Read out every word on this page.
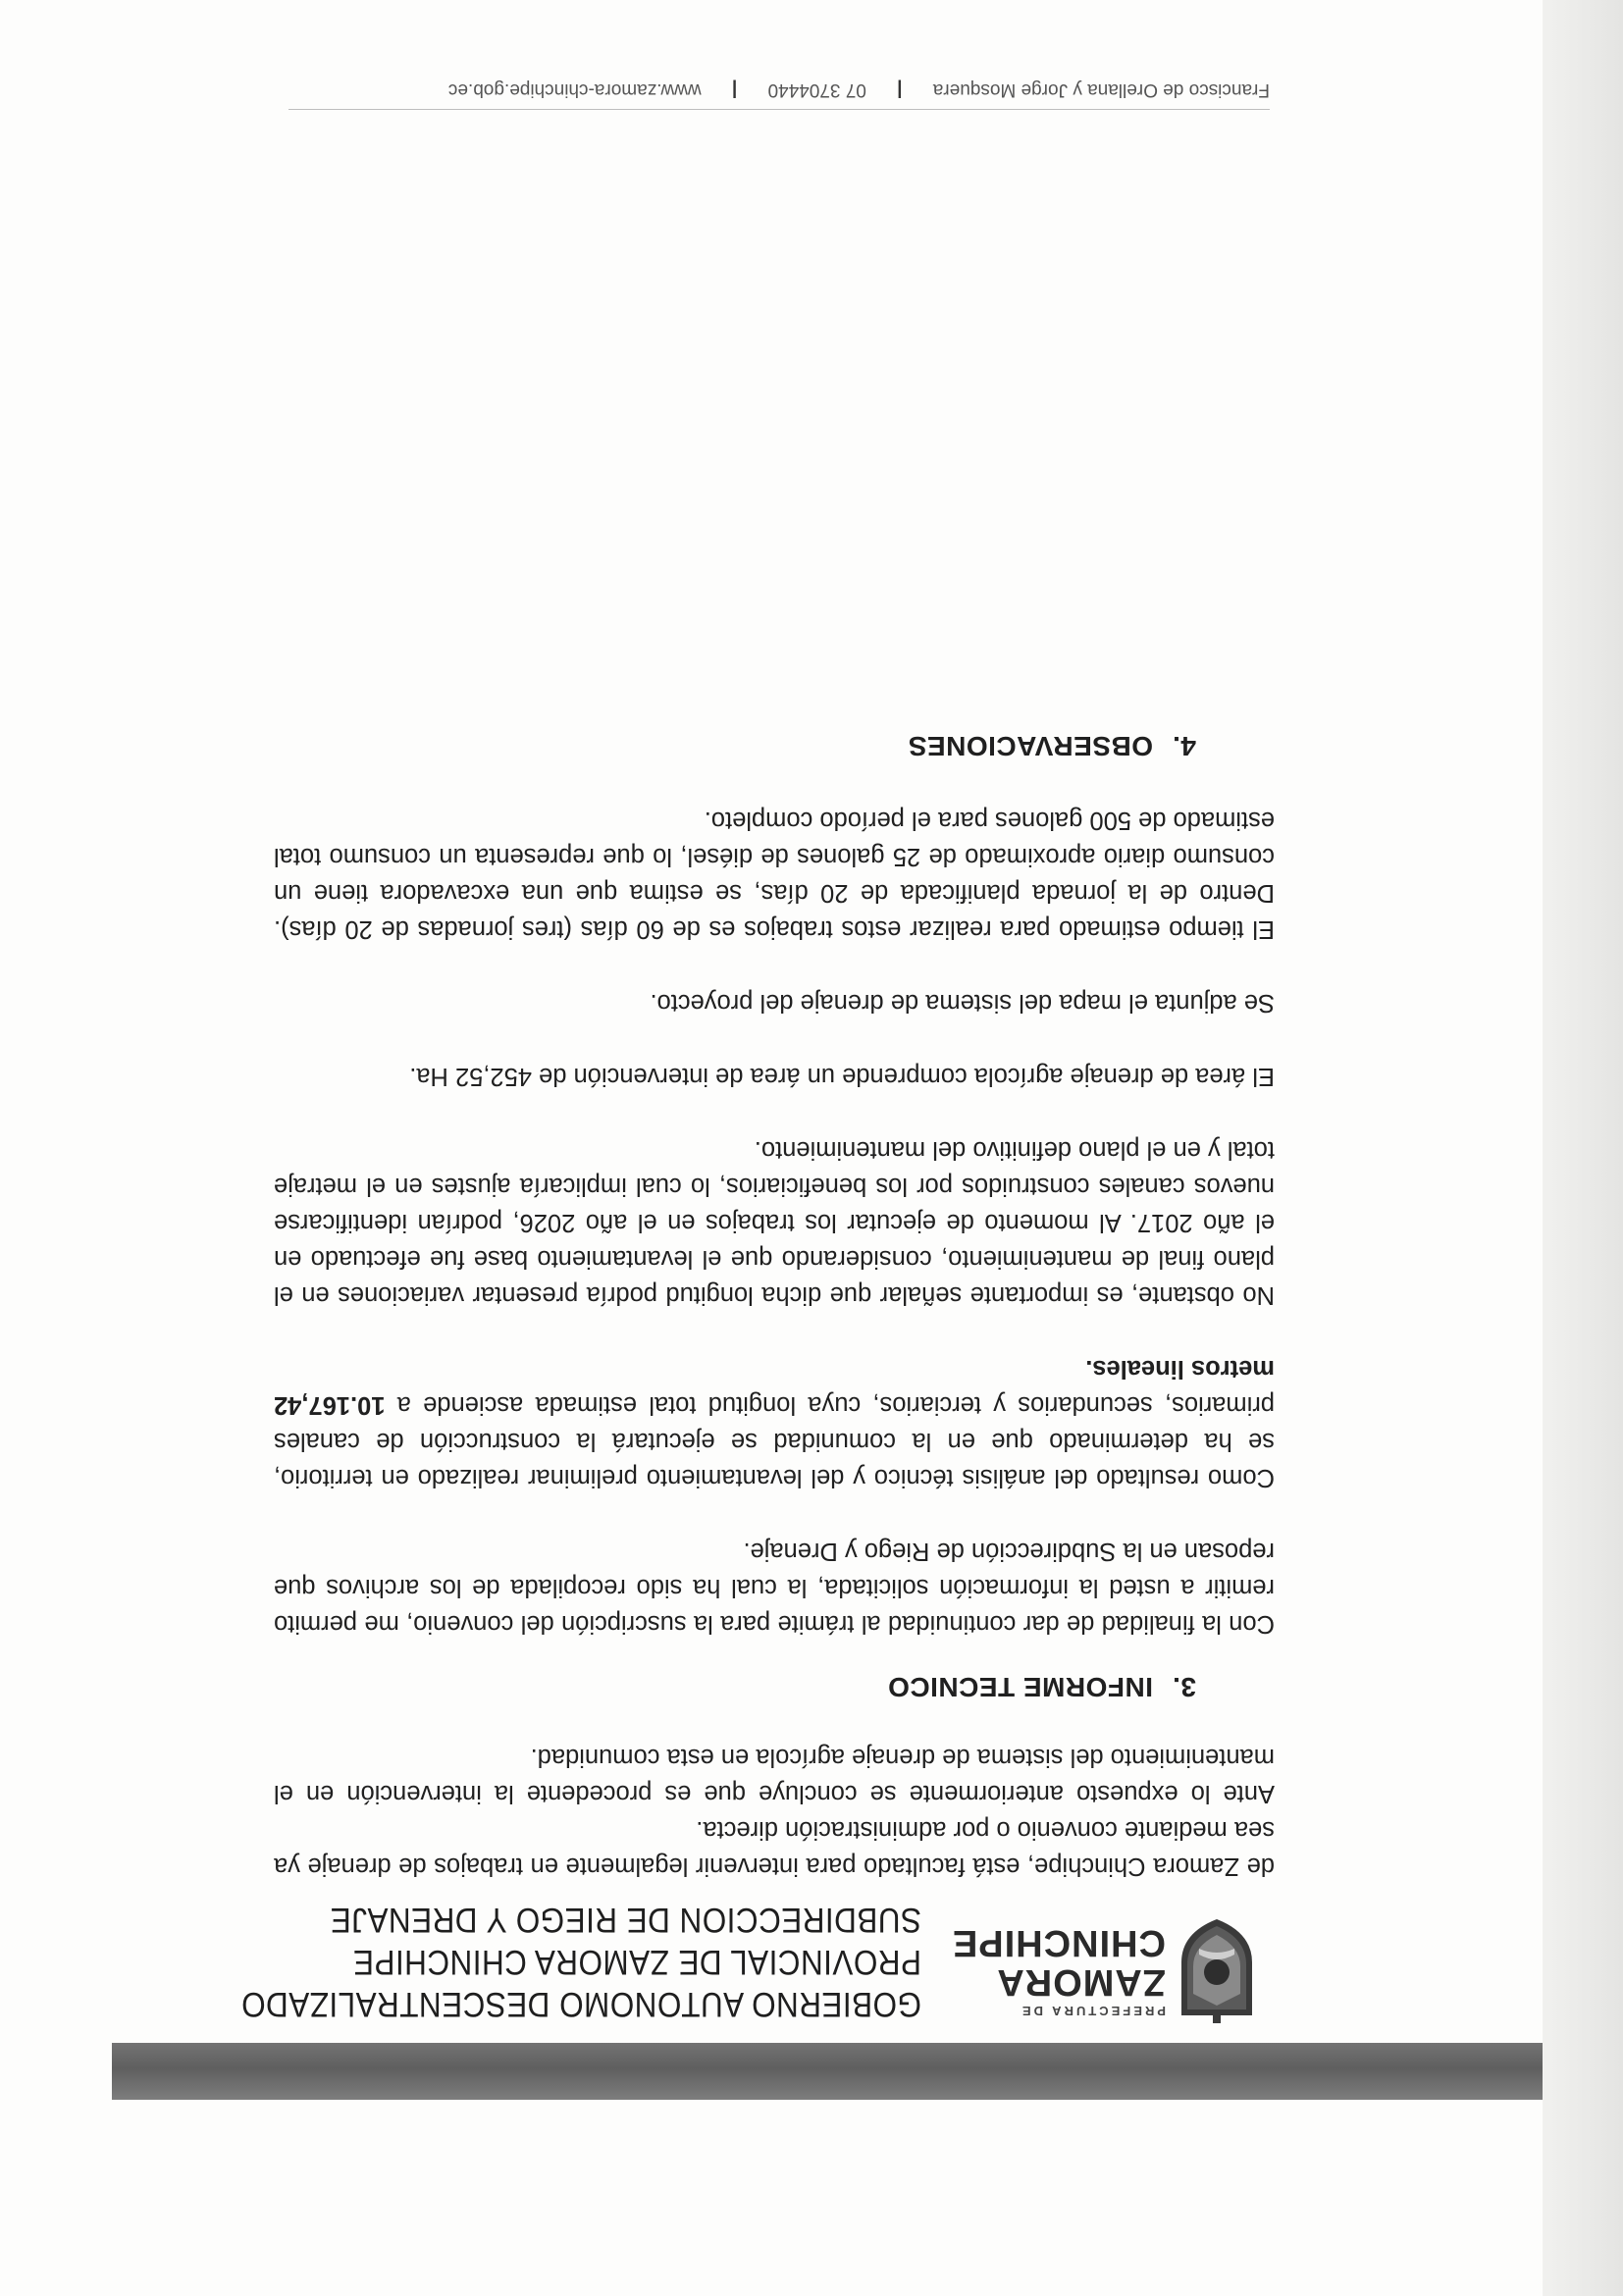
PREFECTURA DE
ZAMORA
CHINCHIPE
GOBIERNO AUTONOMO DESCENTRALIZADO
PROVINCIAL DE ZAMORA CHINCHIPE
SUBDIRECCION DE RIEGO Y DRENAJE

de Zamora Chinchipe, está facultado para intervenir legalmente en trabajos de drenaje ya sea mediante convenio o por administración directa.

Ante lo expuesto anteriormente se concluye que es procedente la intervención en el mantenimiento del sistema de drenaje agrícola en esta comunidad.

3.INFORME TECNICO

Con la finalidad de dar continuidad al trámite para la suscripción del convenio, me permito remitir a usted la información solicitada, la cual ha sido recopilada de los archivos que reposan en la Subdirección de Riego y Drenaje.

Como resultado del análisis técnico y del levantamiento preliminar realizado en territorio, se ha determinado que en la comunidad se ejecutará la construcción de canales primarios, secundarios y terciarios, cuya longitud total estimada asciende a 10.167,42 metros lineales.

No obstante, es importante señalar que dicha longitud podría presentar variaciones en el plano final de mantenimiento, considerando que el levantamiento base fue efectuado en el año 2017. Al momento de ejecutar los trabajos en el año 2026, podrían identificarse nuevos canales construidos por los beneficiarios, lo cual implicaría ajustes en el metraje total y en el plano definitivo del mantenimiento.

El área de drenaje agrícola comprende un área de intervención de 452,52 Ha.

Se adjunta el mapa del sistema de drenaje del proyecto.

El tiempo estimado para realizar estos trabajos es de 60 días (tres jornadas de 20 días). Dentro de la jornada planificada de 20 días, se estima que una excavadora tiene un consumo diario aproximado de 25 galones de diésel, lo que representa un consumo total estimado de 500 galones para el período completo.

4.OBSERVACIONES
Francisco de Orellana y Jorge Mosquera | 07 3704440 | www.zamora-chinchipe.gob.ec
